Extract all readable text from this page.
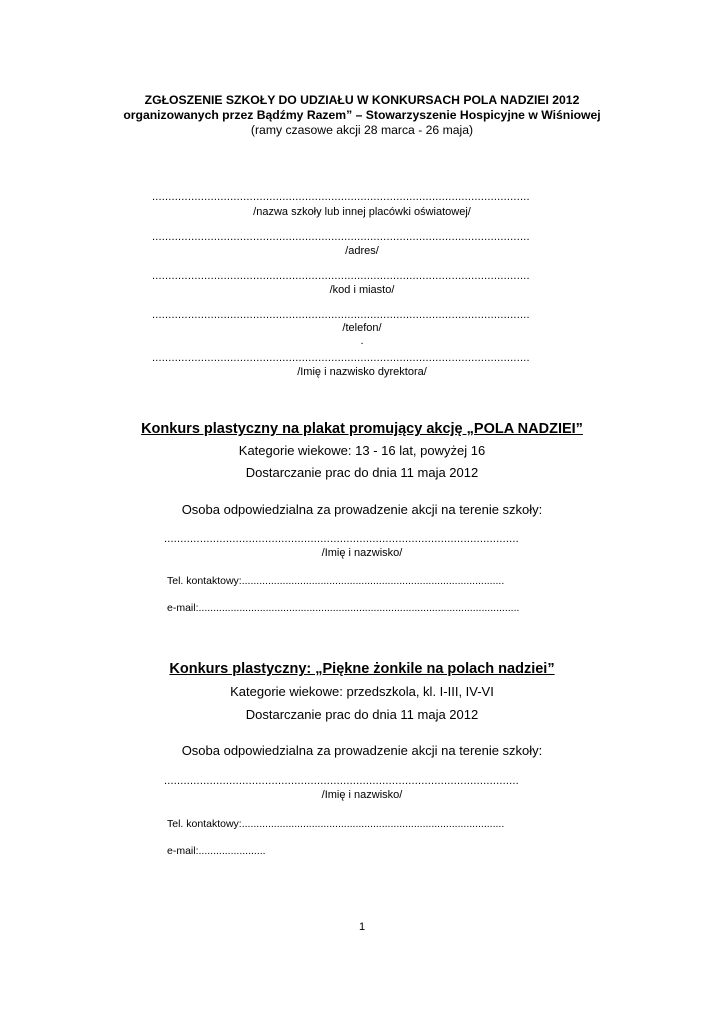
ZGŁOSZENIE SZKOŁY DO UDZIAŁU W KONKURSACH POLA NADZIEI 2012
organizowanych przez Bądźmy Razem” – Stowarzyszenie Hospicyjne w Wiśniowej
(ramy czasowe akcji 28 marca - 26 maja)
....................................................................................................................
/nazwa szkoły lub innej placówki oświatowej/
....................................................................................................................
/adres/
....................................................................................................................
/kod i miasto/
....................................................................................................................
/telefon/
.
....................................................................................................................
/Imię i nazwisko dyrektora/
Konkurs plastyczny na plakat promujący akcję „POLA NADZIEI”
Kategorie wiekowe: 13 - 16 lat, powyżej 16
Dostarczanie prac do dnia 11 maja 2012
Osoba odpowiedzialna za prowadzenie akcji na terenie szkoły:
.............................................................................................................
/Imię i nazwisko/
Tel. kontaktowy:..........................................................................................
e-mail:..............................................................................................................
Konkurs plastyczny: „Piękne żonkile na polach nadziei”
Kategorie wiekowe: przedszkola, kl. I-III, IV-VI
Dostarczanie prac do dnia 11 maja 2012
Osoba odpowiedzialna za prowadzenie akcji na terenie szkoły:
.............................................................................................................
/Imię i nazwisko/
Tel. kontaktowy:..........................................................................................
e-mail:.......................
1
